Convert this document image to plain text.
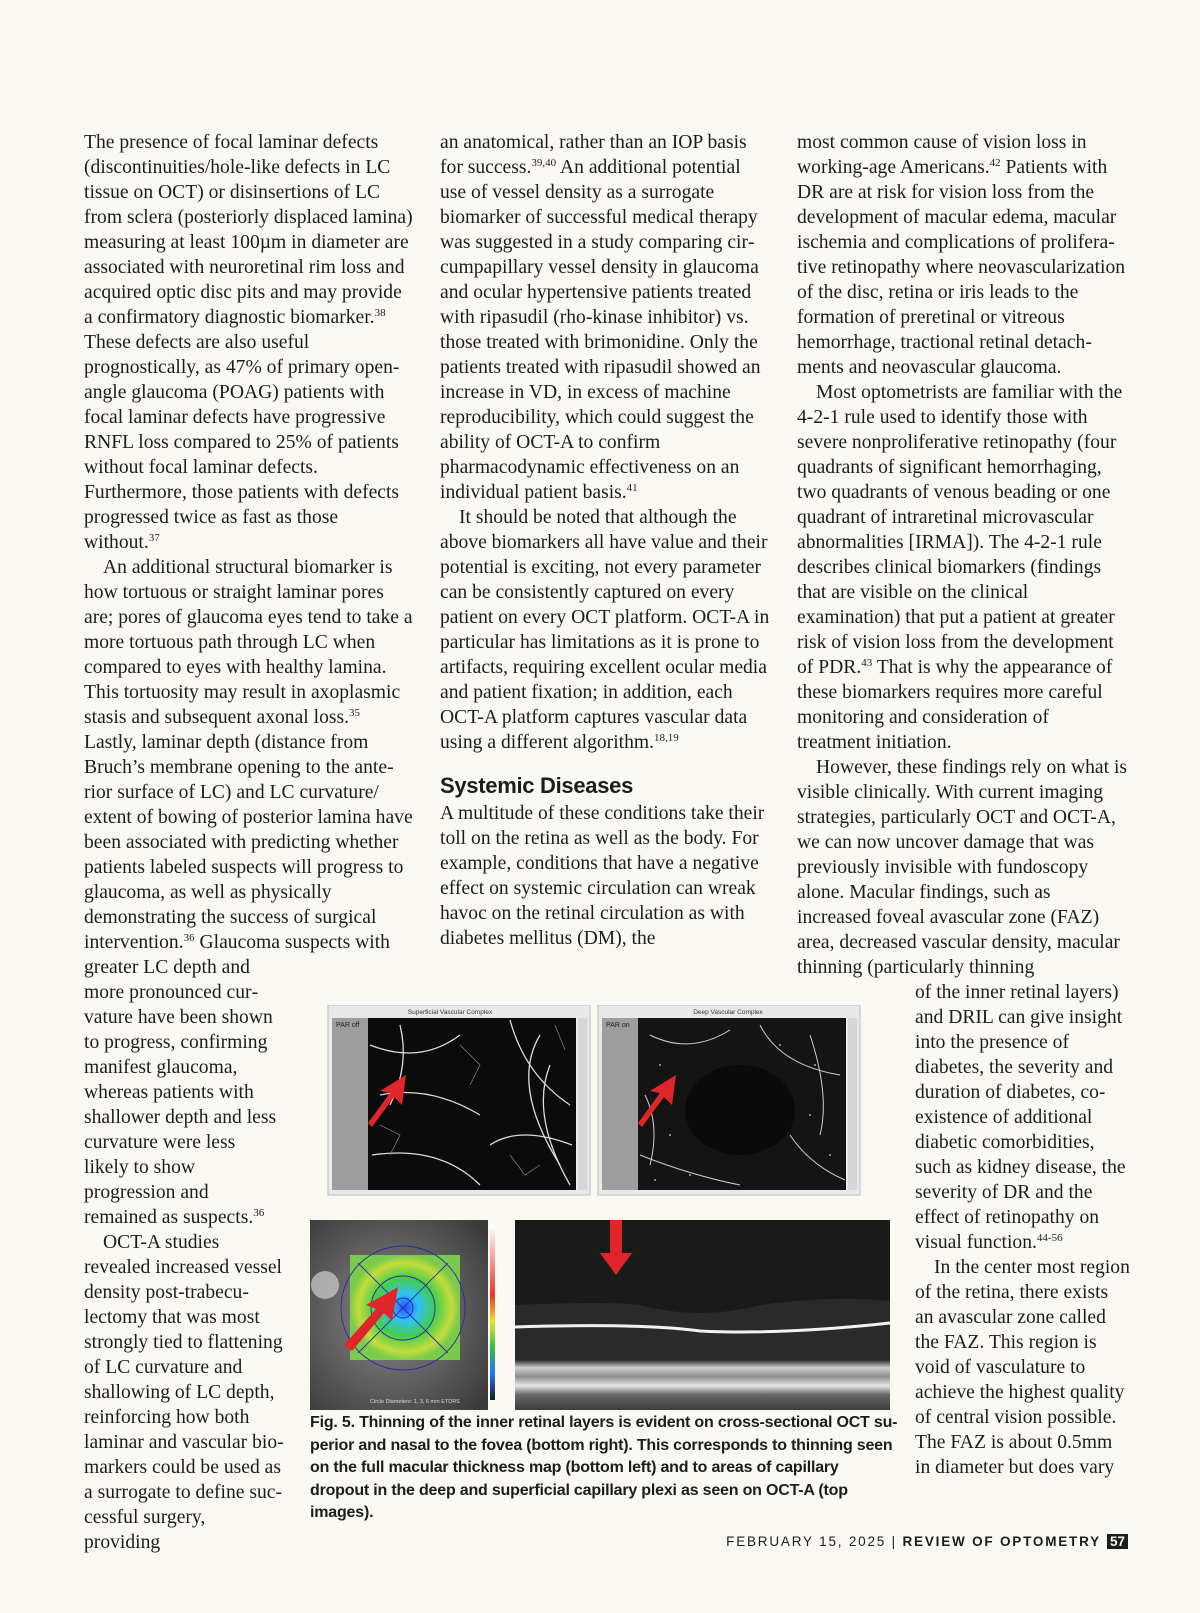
The presence of focal laminar defects (discontinuities/hole-like defects in LC tissue on OCT) or disinsertions of LC from sclera (posteriorly displaced lamina) measuring at least 100µm in diameter are associated with neuroretinal rim loss and acquired optic disc pits and may provide a confirmatory diagnostic biomarker.$^{38}$ These defects are also useful prognostically, as 47% of primary open-angle glaucoma (POAG) patients with focal laminar defects have progressive RNFL loss compared to 25% of patients without focal laminar defects. Furthermore, those patients with defects progressed twice as fast as those without.$^{37}$

An additional structural biomarker is how tortuous or straight laminar pores are; pores of glaucoma eyes tend to take a more tortuous path through LC when compared to eyes with healthy lamina. This tortuosity may result in axoplasmic stasis and subsequent axonal loss.$^{35}$ Lastly, laminar depth (distance from Bruch’s membrane opening to the anterior surface of LC) and LC curvature/ extent of bowing of posterior lamina have been associated with predicting whether patients labeled suspects will progress to glaucoma, as well as physically demonstrating the success of surgical intervention.$^{36}$ Glaucoma suspects with greater LC depth and

more pronounced curvature have been shown to progress, confirming manifest glaucoma, whereas patients with shallower depth and less curvature were less likely to show progression and remained as suspects.$^{36}$

OCT-A studies revealed increased vessel density post-trabeculectomy that was most strongly tied to flattening of LC curvature and shallowing of LC depth, reinforcing how both laminar and vascular biomarkers could be used as a surrogate to define successful surgery, providing

an anatomical, rather than an IOP basis for success.$^{39,40}$ An additional potential use of vessel density as a surrogate biomarker of successful medical therapy was suggested in a study comparing circumpapillary vessel density in glaucoma and ocular hypertensive patients treated with ripasudil (rho-kinase inhibitor) vs. those treated with brimonidine. Only the patients treated with ripasudil showed an increase in VD, in excess of machine reproducibility, which could suggest the ability of OCT-A to confirm pharmacodynamic effectiveness on an individual patient basis.$^{41}$

It should be noted that although the above biomarkers all have value and their potential is exciting, not every parameter can be consistently captured on every patient on every OCT platform. OCT-A in particular has limitations as it is prone to artifacts, requiring excellent ocular media and patient fixation; in addition, each OCT-A platform captures vascular data using a different algorithm.$^{18,19}$

Systemic Diseases

A multitude of these conditions take their toll on the retina as well as the body. For example, conditions that have a negative effect on systemic circulation can wreak havoc on the retinal circulation as with diabetes mellitus (DM), the

most common cause of vision loss in working-age Americans.$^{42}$ Patients with DR are at risk for vision loss from the development of macular edema, macular ischemia and complications of proliferative retinopathy where neovascularization of the disc, retina or iris leads to the formation of preretinal or vitreous hemorrhage, tractional retinal detachments and neovascular glaucoma.

Most optometrists are familiar with the 4-2-1 rule used to identify those with severe nonproliferative retinopathy (four quadrants of significant hemorrhaging, two quadrants of venous beading or one quadrant of intraretinal microvascular abnormalities [IRMA]). The 4-2-1 rule describes clinical biomarkers (findings that are visible on the clinical examination) that put a patient at greater risk of vision loss from the development of PDR.$^{43}$ That is why the appearance of these biomarkers requires more careful monitoring and consideration of treatment initiation.

However, these findings rely on what is visible clinically. With current imaging strategies, particularly OCT and OCT-A, we can now uncover damage that was previously invisible with fundoscopy alone. Macular findings, such as increased foveal avascular zone (FAZ) area, decreased vascular density, macular thinning (particularly thinning

of the inner retinal layers) and DRIL can give insight into the presence of diabetes, the severity and duration of diabetes, co-existence of additional diabetic comorbidities, such as kidney disease, the severity of DR and the effect of retinopathy on visual function.$^{44-56}$

In the center most region of the retina, there exists an avascular zone called the FAZ. This region is void of vasculature to achieve the highest quality of central vision possible. The FAZ is about 0.5mm in diameter but does vary

Superficial Vascular Complex
PAR off
Deep Vascular Complex
PAR on
Circle Diameters: 1, 3, 6 mm ETDRS
Fig. 5. Thinning of the inner retinal layers is evident on cross-sectional OCT superior and nasal to the fovea (bottom right). This corresponds to thinning seen on the full macular thickness map (bottom left) and to areas of capillary dropout in the deep and superficial capillary plexi as seen on OCT-A (top images).
FEBRUARY 15, 2025 | REVIEW OF OPTOMETRY 57
